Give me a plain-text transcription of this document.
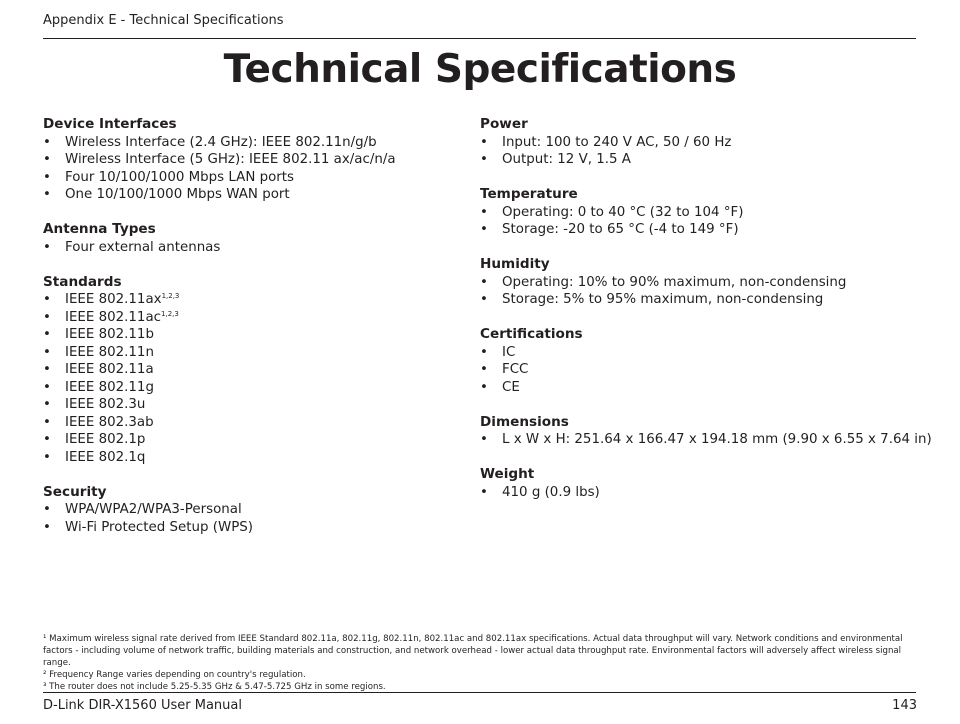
Appendix E - Technical Specifications
Technical Specifications
Device Interfaces
• Wireless Interface (2.4 GHz): IEEE 802.11n/g/b
• Wireless Interface (5 GHz): IEEE 802.11 ax/ac/n/a
• Four 10/100/1000 Mbps LAN ports
• One 10/100/1000 Mbps WAN port
Antenna Types
• Four external antennas
Standards
• IEEE 802.11ax$^{1,2,3}$
• IEEE 802.11ac$^{1,2,3}$
• IEEE 802.11b
• IEEE 802.11n
• IEEE 802.11a
• IEEE 802.11g
• IEEE 802.3u
• IEEE 802.3ab
• IEEE 802.1p
• IEEE 802.1q
Security
• WPA/WPA2/WPA3-Personal
• Wi-Fi Protected Setup (WPS)
Power
• Input: 100 to 240 V AC, 50 / 60 Hz
• Output: 12 V, 1.5 A
Temperature
• Operating: 0 to 40 °C (32 to 104 °F)
• Storage: -20 to 65 °C (-4 to 149 °F)
Humidity
• Operating: 10% to 90% maximum, non-condensing
• Storage: 5% to 95% maximum, non-condensing
Certifications
• IC
• FCC
• CE
Dimensions
• L x W x H: 251.64 x 166.47 x 194.18 mm (9.90 x 6.55 x 7.64 in)
Weight
• 410 g (0.9 lbs)
¹ Maximum wireless signal rate derived from IEEE Standard 802.11a, 802.11g, 802.11n, 802.11ac and 802.11ax specifications. Actual data throughput will vary. Network conditions and environmental factors - including volume of network traffic, building materials and construction, and network overhead - lower actual data throughput rate. Environmental factors will adversely affect wireless signal range.
² Frequency Range varies depending on country's regulation.
³ The router does not include 5.25-5.35 GHz & 5.47-5.725 GHz in some regions.
D-Link DIR-X1560 User Manual	143
